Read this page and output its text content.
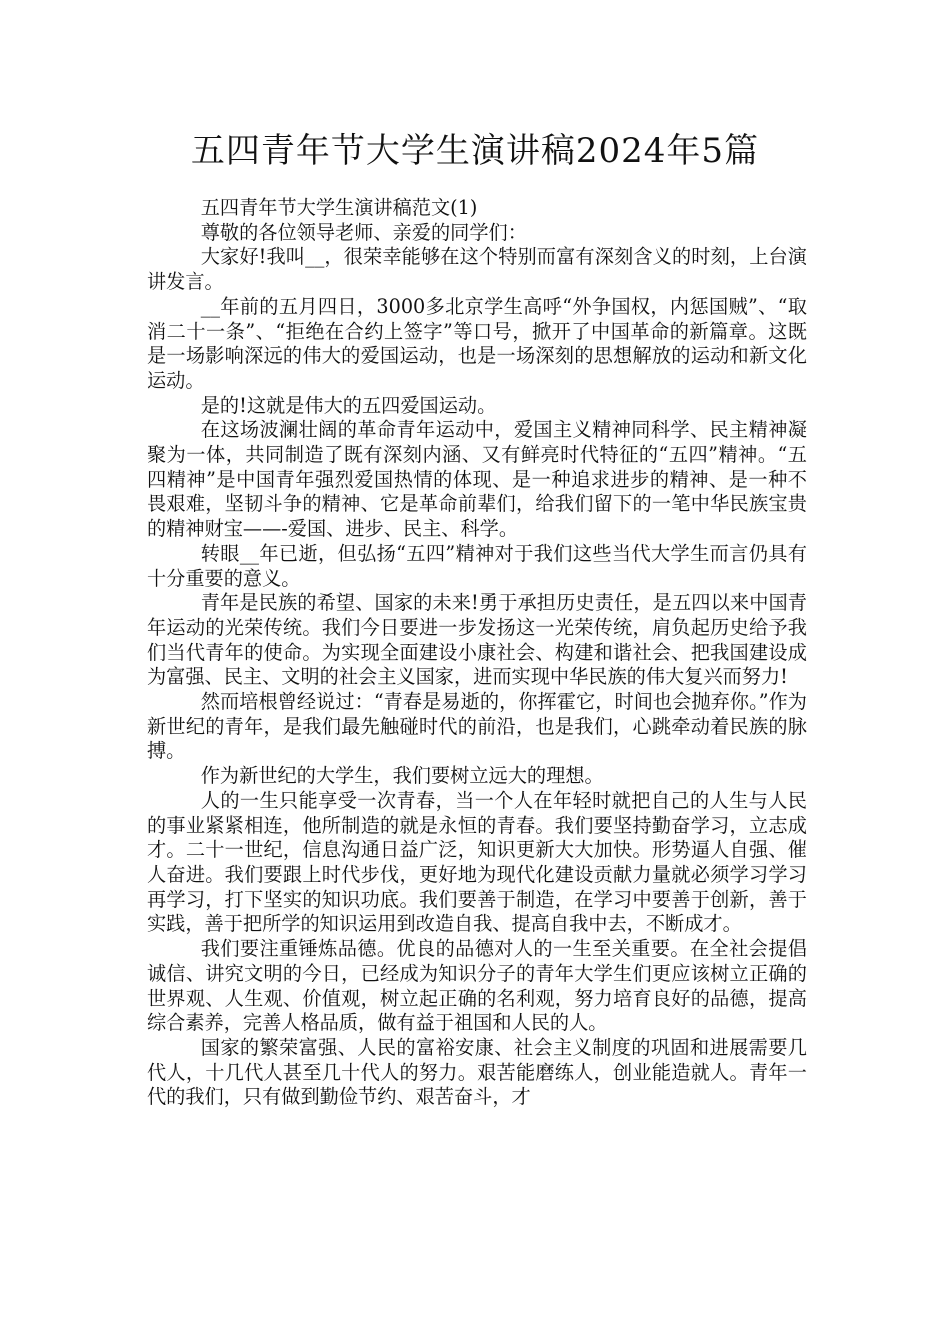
五四青年节大学生演讲稿2024年5篇

五四青年节大学生演讲稿范文(1)

尊敬的各位领导老师、亲爱的同学们：

大家好!我叫__，很荣幸能够在这个特别而富有深刻含义的时刻，上台演讲发言。

__年前的五月四日，3000多北京学生高呼“外争国权，内惩国贼”、“取消二十一条”、“拒绝在合约上签字”等口号，掀开了中国革命的新篇章。这既是一场影响深远的伟大的爱国运动，也是一场深刻的思想解放的运动和新文化运动。

是的!这就是伟大的五四爱国运动。

在这场波澜壮阔的革命青年运动中，爱国主义精神同科学、民主精神凝聚为一体，共同制造了既有深刻内涵、又有鲜亮时代特征的“五四”精神。“五四精神”是中国青年强烈爱国热情的体现、是一种追求进步的精神、是一种不畏艰难，坚韧斗争的精神、它是革命前辈们，给我们留下的一笔中华民族宝贵的精神财宝——-爱国、进步、民主、科学。

转眼__年已逝，但弘扬“五四”精神对于我们这些当代大学生而言仍具有十分重要的意义。

青年是民族的希望、国家的未来!勇于承担历史责任，是五四以来中国青年运动的光荣传统。我们今日要进一步发扬这一光荣传统，肩负起历史给予我们当代青年的使命。为实现全面建设小康社会、构建和谐社会、把我国建设成为富强、民主、文明的社会主义国家，进而实现中华民族的伟大复兴而努力!

然而培根曾经说过：“青春是易逝的，你挥霍它，时间也会抛弃你。”作为新世纪的青年，是我们最先触碰时代的前沿，也是我们，心跳牵动着民族的脉搏。

作为新世纪的大学生，我们要树立远大的理想。

人的一生只能享受一次青春，当一个人在年轻时就把自己的人生与人民的事业紧紧相连，他所制造的就是永恒的青春。我们要坚持勤奋学习，立志成才。二十一世纪，信息沟通日益广泛，知识更新大大加快。形势逼人自强、催人奋进。我们要跟上时代步伐，更好地为现代化建设贡献力量就必须学习学习再学习，打下坚实的知识功底。我们要善于制造，在学习中要善于创新，善于实践，善于把所学的知识运用到改造自我、提高自我中去，不断成才。

我们要注重锤炼品德。优良的品德对人的一生至关重要。在全社会提倡诚信、讲究文明的今日，已经成为知识分子的青年大学生们更应该树立正确的世界观、人生观、价值观，树立起正确的名利观，努力培育良好的品德，提高综合素养，完善人格品质，做有益于祖国和人民的人。

国家的繁荣富强、人民的富裕安康、社会主义制度的巩固和进展需要几代人，十几代人甚至几十代人的努力。艰苦能磨练人，创业能造就人。青年一代的我们，只有做到勤俭节约、艰苦奋斗，才
